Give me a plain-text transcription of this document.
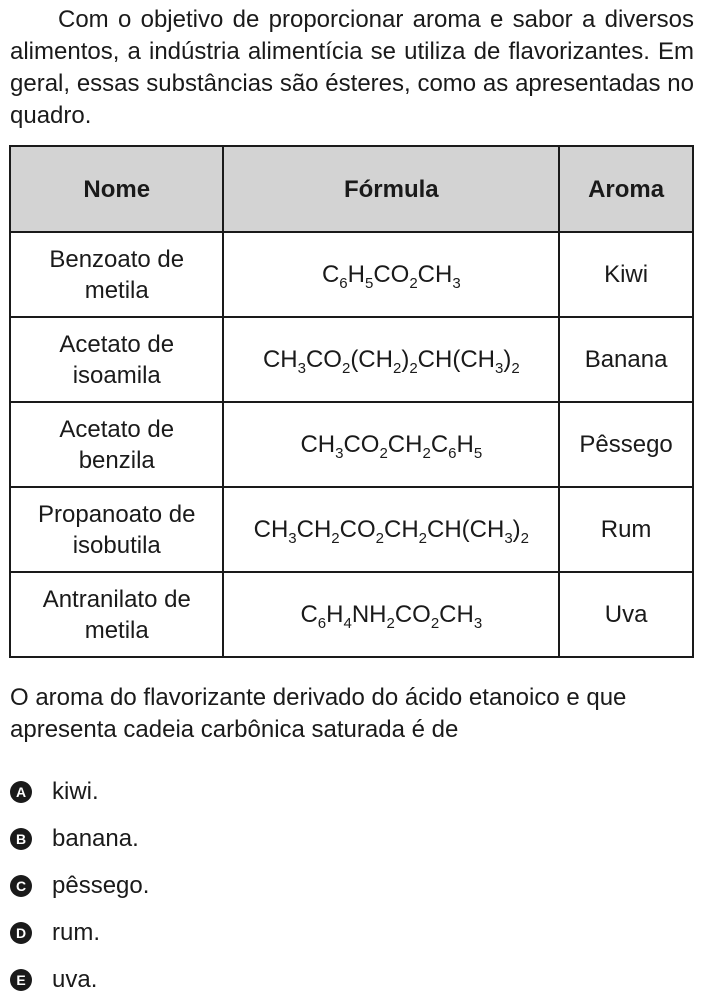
Com o objetivo de proporcionar aroma e sabor a diversos alimentos, a indústria alimentícia se utiliza de flavorizantes. Em geral, essas substâncias são ésteres, como as apresentadas no quadro.

Nome	Fórmula	Aroma
Benzoato de
metila	$C_6H_5CO_2CH_3$	Kiwi
Acetato de
isoamila	$CH_3CO_2(CH_2)_2CH(CH_3)_2$	Banana
Acetato de
benzila	$CH_3CO_2CH_2C_6H_5$	Pêssego
Propanoato de
isobutila	$CH_3CH_2CO_2CH_2CH(CH_3)_2$	Rum
Antranilato de
metila	$C_6H_4NH_2CO_2CH_3$	Uva

O aroma do flavorizante derivado do ácido etanoico e que apresenta cadeia carbônica saturada é de

A kiwi.
B banana.
C pêssego.
D rum.
E uva.
